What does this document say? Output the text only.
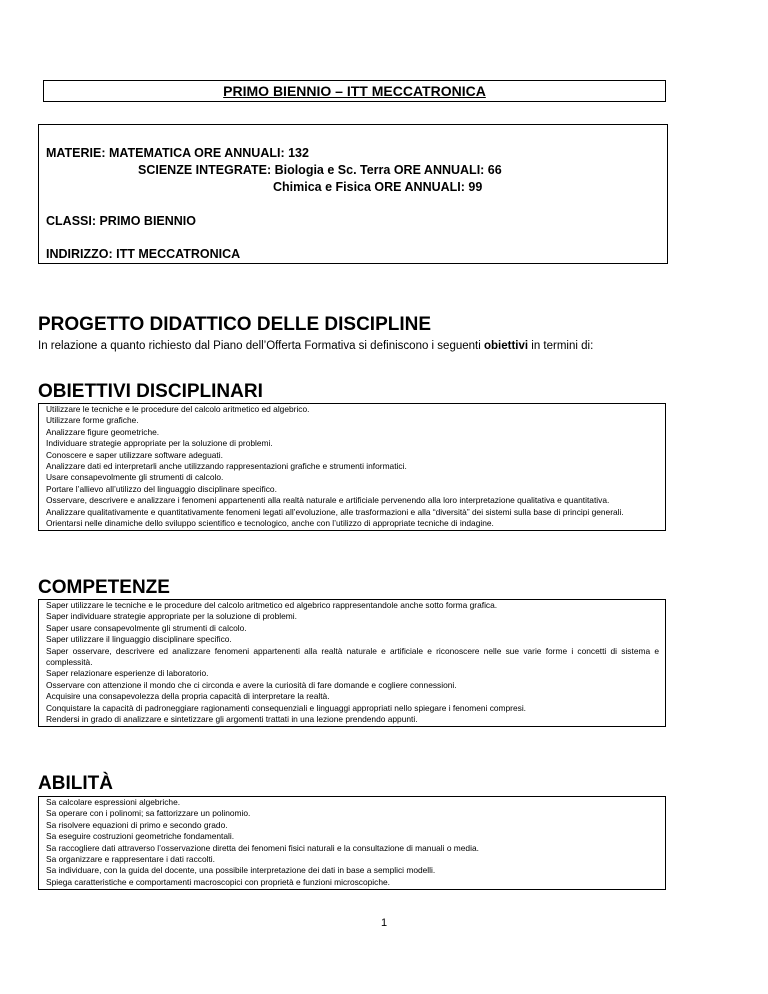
PRIMO BIENNIO – ITT MECCATRONICA
MATERIE: MATEMATICA ORE ANNUALI: 132
SCIENZE INTEGRATE: Biologia e Sc. Terra ORE ANNUALI: 66
Chimica e Fisica ORE ANNUALI: 99
CLASSI: PRIMO BIENNIO
INDIRIZZO: ITT MECCATRONICA
PROGETTO DIDATTICO DELLE DISCIPLINE
In relazione a quanto richiesto dal Piano dell’Offerta Formativa si definiscono i seguenti obiettivi in termini di:
OBIETTIVI DISCIPLINARI
Utilizzare le tecniche e le procedure del calcolo aritmetico ed algebrico.
Utilizzare forme grafiche.
Analizzare figure geometriche.
Individuare strategie appropriate per la soluzione di problemi.
Conoscere e saper utilizzare software adeguati.
Analizzare dati ed interpretarli anche utilizzando rappresentazioni grafiche e strumenti informatici.
Usare consapevolmente gli strumenti di calcolo.
Portare l’allievo all’utilizzo del linguaggio disciplinare specifico.
Osservare, descrivere e analizzare i fenomeni appartenenti alla realtà naturale e artificiale pervenendo alla loro interpretazione qualitativa e quantitativa.
Analizzare qualitativamente e quantitativamente fenomeni legati all’evoluzione, alle trasformazioni e alla “diversità” dei sistemi sulla base di principi generali.
Orientarsi nelle dinamiche dello sviluppo scientifico e tecnologico, anche con l’utilizzo di appropriate tecniche di indagine.
COMPETENZE
Saper utilizzare le tecniche e le procedure del calcolo aritmetico ed algebrico rappresentandole anche sotto forma grafica.
Saper individuare strategie appropriate per la soluzione di problemi.
Saper usare consapevolmente gli strumenti di calcolo.
Saper utilizzare il linguaggio disciplinare specifico.
Saper osservare, descrivere ed analizzare fenomeni appartenenti alla realtà naturale e artificiale e riconoscere nelle sue varie forme i concetti di sistema e complessità.
Saper relazionare esperienze di laboratorio.
Osservare con attenzione il mondo che ci circonda e avere la curiosità di fare domande e cogliere connessioni.
Acquisire una consapevolezza della propria capacità di interpretare la realtà.
Conquistare la capacità di padroneggiare ragionamenti consequenziali e linguaggi appropriati nello spiegare i fenomeni compresi.
Rendersi in grado di analizzare e sintetizzare gli argomenti trattati in una lezione prendendo appunti.
ABILITÀ
Sa calcolare espressioni algebriche.
Sa operare con i polinomi; sa fattorizzare un polinomio.
Sa risolvere equazioni di primo e secondo grado.
Sa eseguire costruzioni geometriche fondamentali.
Sa raccogliere dati attraverso l’osservazione diretta dei fenomeni fisici naturali e la consultazione di manuali o media.
Sa organizzare e rappresentare i dati raccolti.
Sa individuare, con la guida del docente, una possibile interpretazione dei dati in base a semplici modelli.
Spiega caratteristiche e comportamenti macroscopici con proprietà e funzioni microscopiche.
1
